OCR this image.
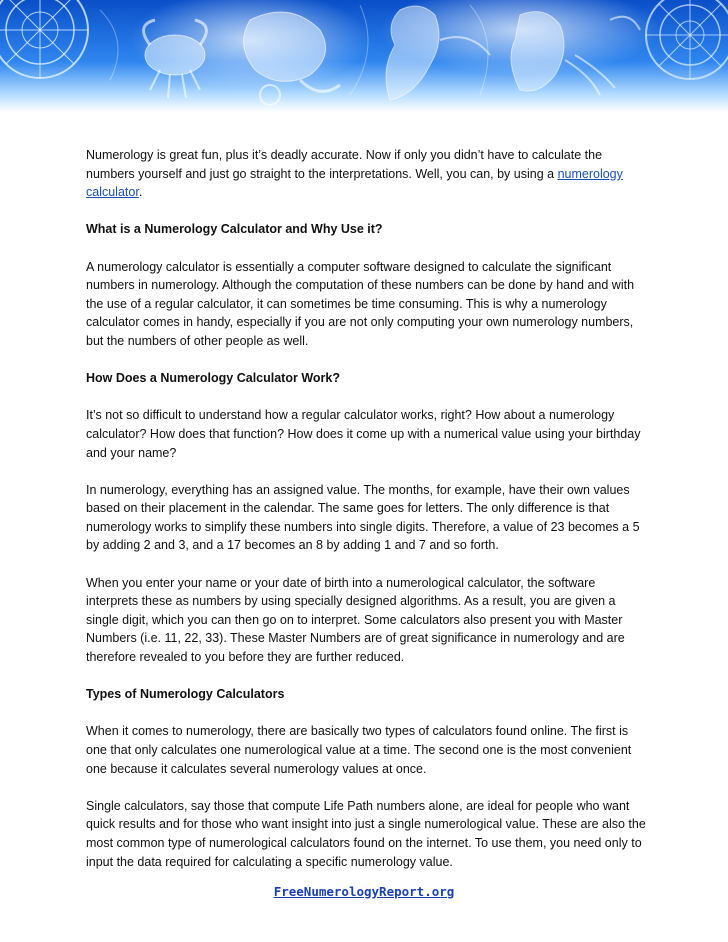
Numerology is great fun, plus it’s deadly accurate. Now if only you didn’t have to calculate the numbers yourself and just go straight to the interpretations. Well, you can, by using a numerology calculator.

What is a Numerology Calculator and Why Use it?

A numerology calculator is essentially a computer software designed to calculate the significant numbers in numerology. Although the computation of these numbers can be done by hand and with the use of a regular calculator, it can sometimes be time consuming. This is why a numerology calculator comes in handy, especially if you are not only computing your own numerology numbers, but the numbers of other people as well.

How Does a Numerology Calculator Work?

It’s not so difficult to understand how a regular calculator works, right? How about a numerology calculator? How does that function? How does it come up with a numerical value using your birthday and your name?

In numerology, everything has an assigned value. The months, for example, have their own values based on their placement in the calendar. The same goes for letters. The only difference is that numerology works to simplify these numbers into single digits. Therefore, a value of 23 becomes a 5 by adding 2 and 3, and a 17 becomes an 8 by adding 1 and 7 and so forth.

When you enter your name or your date of birth into a numerological calculator, the software interprets these as numbers by using specially designed algorithms. As a result, you are given a single digit, which you can then go on to interpret. Some calculators also present you with Master Numbers (i.e. 11, 22, 33). These Master Numbers are of great significance in numerology and are therefore revealed to you before they are further reduced.

Types of Numerology Calculators

When it comes to numerology, there are basically two types of calculators found online. The first is one that only calculates one numerological value at a time. The second one is the most convenient one because it calculates several numerology values at once.

Single calculators, say those that compute Life Path numbers alone, are ideal for people who want quick results and for those who want insight into just a single numerological value. These are also the most common type of numerological calculators found on the internet. To use them, you need only to input the data required for calculating a specific numerology value.

FreeNumerologyReport.org
